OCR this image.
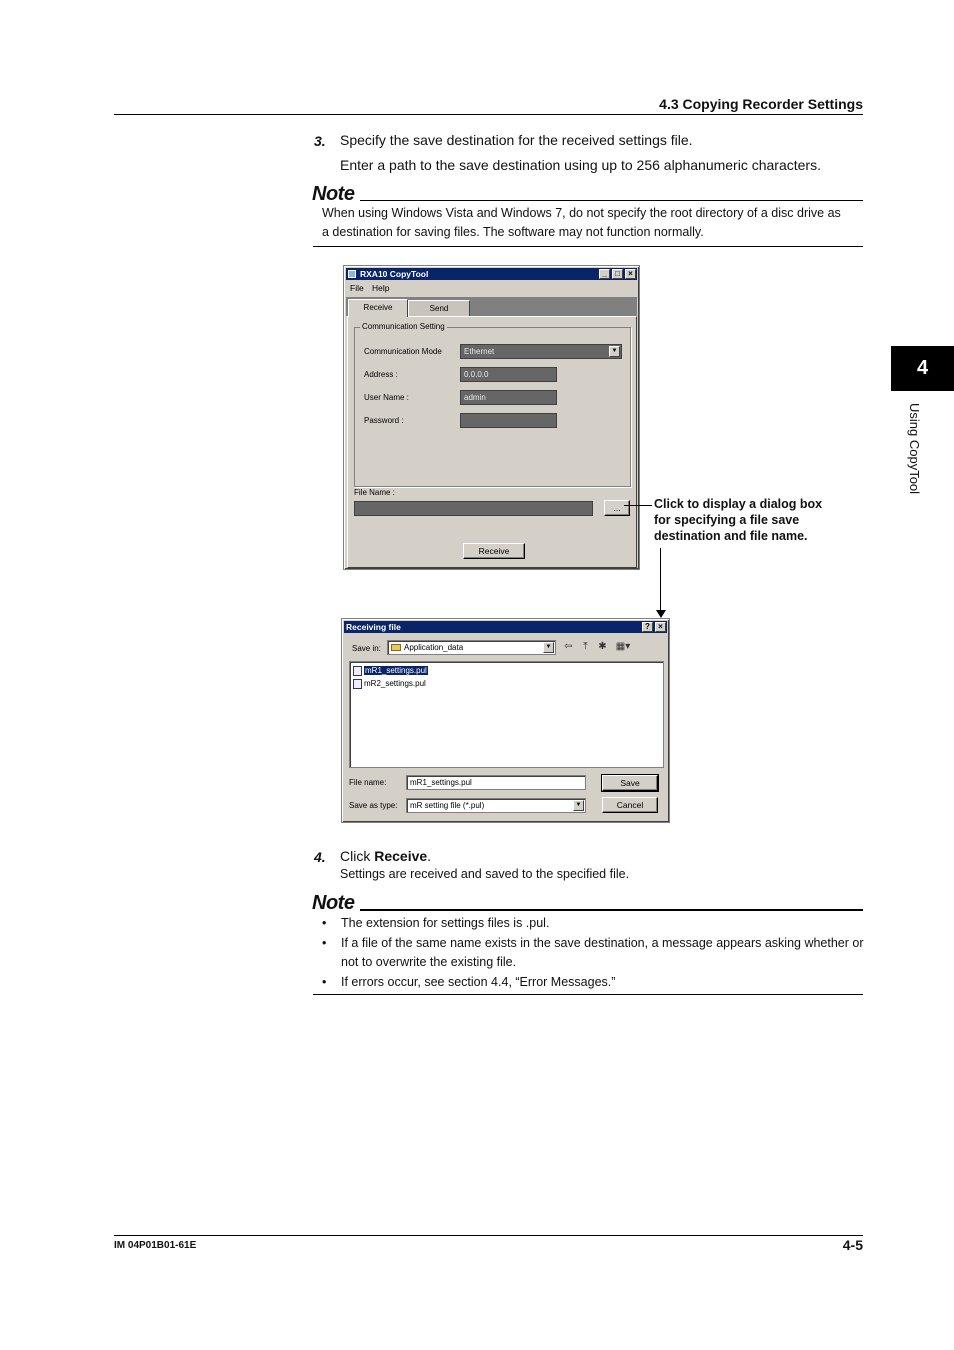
4.3 Copying Recorder Settings
3. Specify the save destination for the received settings file.
Enter a path to the save destination using up to 256 alphanumeric characters.
Note
When using Windows Vista and Windows 7, do not specify the root directory of a disc drive as
a destination for saving files. The software may not function normally.
RXA10 CopyTool	_	□	×
File Help
Receive	Send
Communication Setting
Communication Mode	Ethernet	▼
Address :	0.0.0.0
User Name :	admin
Password :
File Name :
...
Receive
Click to display a dialog box
for specifying a file save
destination and file name.
Receiving file	?	×
Save in:	Application_data	▼ ⇦	⤒	✱ ▦▾
mR1_settings.pul
mR2_settings.pul
File name:	mR1_settings.pul	Save
Save as type:	mR setting file (*.pul)	▼	Cancel
4. Click Receive.
Settings are received and saved to the specified file.
Note
• The extension for settings files is .pul.
• If a file of the same name exists in the save destination, a message appears asking whether or not to overwrite the existing file.
• If errors occur, see section 4.4, “Error Messages.”
4
Using CopyTool
IM 04P01B01-61E	4-5
